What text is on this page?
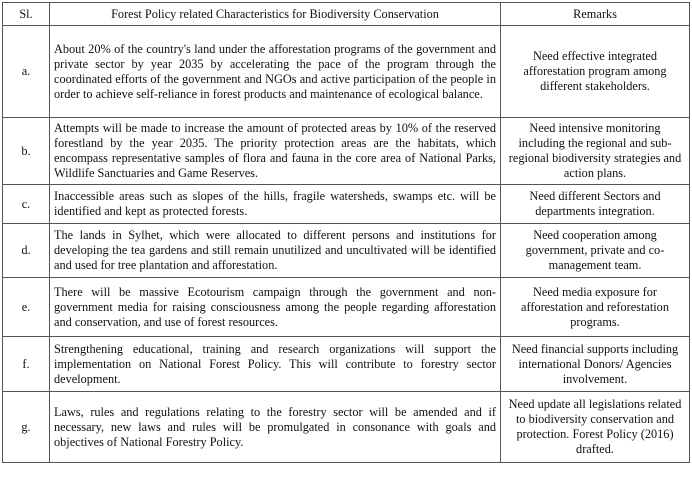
Sl.	Forest Policy related Characteristics for Biodiversity Conservation	Remarks
a.	About 20% of the country's land under the afforestation programs of the government and private sector by year 2035 by accelerating the pace of the program through the coordinated efforts of the government and NGOs and active participation of the people in order to achieve self-reliance in forest products and maintenance of ecological balance.	Need effective integrated afforestation program among different stakeholders.
b.	Attempts will be made to increase the amount of protected areas by 10% of the reserved forestland by the year 2035. The priority protection areas are the habitats, which encompass representative samples of flora and fauna in the core area of National Parks, Wildlife Sanctuaries and Game Reserves.	Need intensive monitoring including the regional and sub-regional biodiversity strategies and action plans.
c.	Inaccessible areas such as slopes of the hills, fragile watersheds, swamps etc. will be identified and kept as protected forests.	Need different Sectors and departments integration.
d.	The lands in Sylhet, which were allocated to different persons and institutions for developing the tea gardens and still remain unutilized and uncultivated will be identified and used for tree plantation and afforestation.	Need cooperation among government, private and co-management team.
e.	There will be massive Ecotourism campaign through the government and non-government media for raising consciousness among the people regarding afforestation and conservation, and use of forest resources.	Need media exposure for afforestation and reforestation programs.
f.	Strengthening educational, training and research organizations will support the implementation on National Forest Policy. This will contribute to forestry sector development.	Need financial supports including international Donors/ Agencies involvement.
g.	Laws, rules and regulations relating to the forestry sector will be amended and if necessary, new laws and rules will be promulgated in consonance with goals and objectives of National Forestry Policy.	Need update all legislations related to biodiversity conservation and protection. Forest Policy (2016) drafted.
